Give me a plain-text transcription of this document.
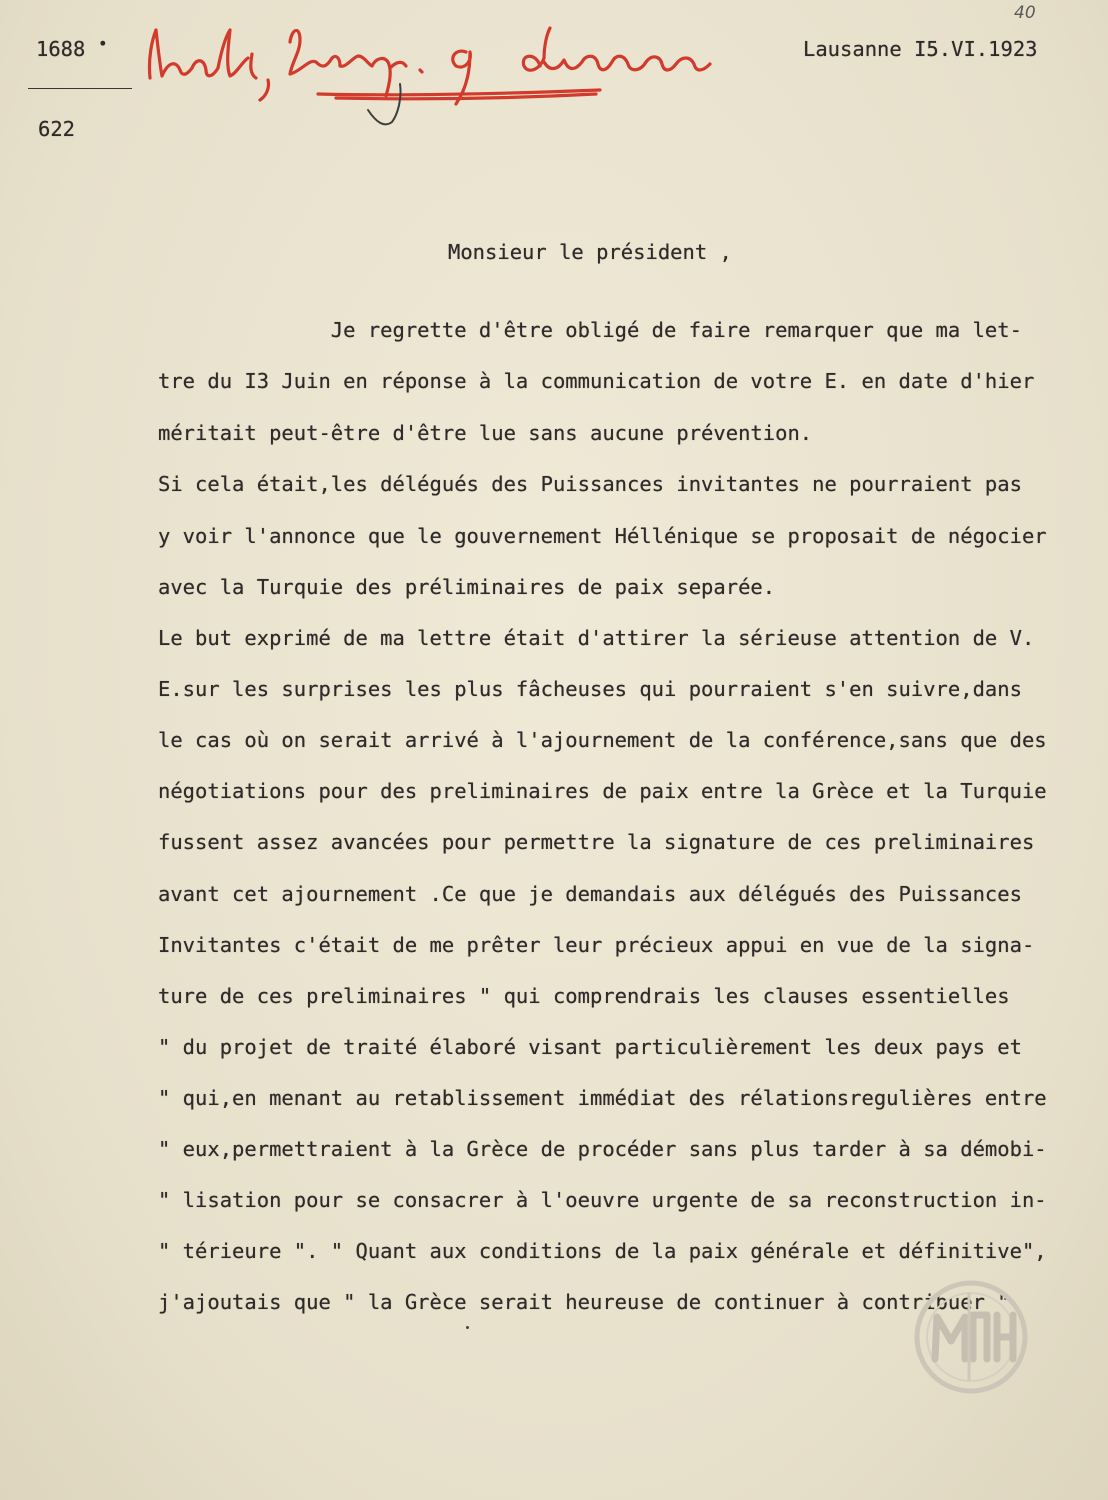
1688 •
622
Lausanne I5.VI.1923
40
Monsieur le président ,
Je regrette d'être obligé de faire remarquer que ma let-
tre du I3 Juin en réponse à la communication de votre E. en date d'hier
méritait peut-être d'être lue sans aucune prévention.
Si cela était,les délégués des Puissances invitantes ne pourraient pas
y voir l'annonce que le gouvernement Héllénique se proposait de négocier
avec la Turquie des préliminaires de paix separée.
Le but exprimé de ma lettre était d'attirer la sérieuse attention de V.
E.sur les surprises les plus fâcheuses qui pourraient s'en suivre,dans
le cas où on serait arrivé à l'ajournement de la conférence,sans que des
négotiations pour des preliminaires de paix entre la Grèce et la Turquie
fussent assez avancées pour permettre la signature de ces preliminaires
avant cet ajournement .Ce que je demandais aux délégués des Puissances
Invitantes c'était de me prêter leur précieux appui en vue de la signa-
ture de ces preliminaires " qui comprendrais les clauses essentielles
" du projet de traité élaboré visant particulièrement les deux pays et
" qui,en menant au retablissement immédiat des rélationsregulières entre
" eux,permettraient à la Grèce de procéder sans plus tarder à sa démobi-
" lisation pour se consacrer à l'oeuvre urgente de sa reconstruction in-
" térieure ". " Quant aux conditions de la paix générale et définitive",
j'ajoutais que " la Grèce serait heureuse de continuer à contribuer "
